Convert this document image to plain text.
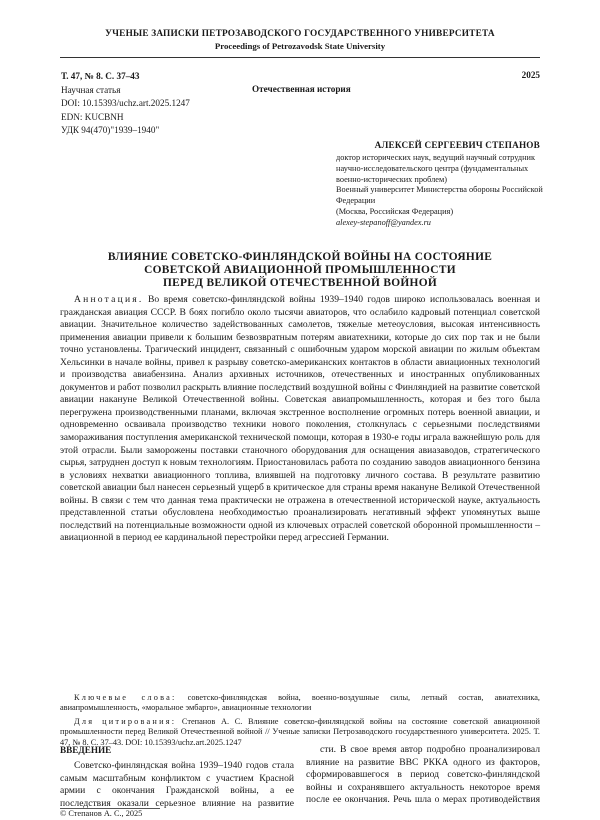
УЧЕНЫЕ ЗАПИСКИ ПЕТРОЗАВОДСКОГО ГОСУДАРСТВЕННОГО УНИВЕРСИТЕТА
Proceedings of Petrozavodsk State University
Т. 47, № 8. С. 37–43
Научная статья
DOI: 10.15393/uchz.art.2025.1247
EDN: KUCBNH
УДК 94(470)"1939–1940"
2025
Отечественная история
АЛЕКСЕЙ СЕРГЕЕВИЧ СТЕПАНОВ
доктор исторических наук, ведущий научный сотрудник научно-исследовательского центра (фундаментальных военно-исторических проблем)
Военный университет Министерства обороны Российской Федерации
(Москва, Российская Федерация)
alexey-stepanoff@yandex.ru
ВЛИЯНИЕ СОВЕТСКО-ФИНЛЯНДСКОЙ ВОЙНЫ НА СОСТОЯНИЕ
СОВЕТСКОЙ АВИАЦИОННОЙ ПРОМЫШЛЕННОСТИ
ПЕРЕД ВЕЛИКОЙ ОТЕЧЕСТВЕННОЙ ВОЙНОЙ

Аннотация. Во время советско-финляндской войны 1939–1940 годов широко использовалась военная и гражданская авиация СССР. В боях погибло около тысячи авиаторов, что ослабило кадровый потенциал советской авиации. Значительное количество задействованных самолетов, тяжелые метеоусловия, высокая интенсивность применения авиации привели к большим безвозвратным потерям авиатехники, которые до сих пор так и не были точно установлены. Трагический инцидент, связанный с ошибочным ударом морской авиации по жилым объектам Хельсинки в начале войны, привел к разрыву советско-американских контактов в области авиационных технологий и производства авиабензина. Анализ архивных источников, отечественных и иностранных опубликованных документов и работ позволил раскрыть влияние последствий воздушной войны с Финляндией на развитие советской авиации накануне Великой Отечественной войны. Советская авиапромышленность, которая и без того была перегружена производственными планами, включая экстренное восполнение огромных потерь военной авиации, и одновременно осваивала производство техники нового поколения, столкнулась с серьезными последствиями замораживания поступления американской технической помощи, которая в 1930-е годы играла важнейшую роль для этой отрасли. Были заморожены поставки станочного оборудования для оснащения авиазаводов, стратегического сырья, затруднен доступ к новым технологиям. Приостановилась работа по созданию заводов авиационного бензина в условиях нехватки авиационного топлива, влиявшей на подготовку личного состава. В результате развитию советской авиации был нанесен серьезный ущерб в критическое для страны время накануне Великой Отечественной войны. В связи с тем что данная тема практически не отражена в отечественной исторической науке, актуальность представленной статьи обусловлена необходимостью проанализировать негативный эффект упомянутых выше последствий на потенциальные возможности одной из ключевых отраслей советской оборонной промышленности – авиационной в период ее кардинальной перестройки перед агрессией Германии.

Ключевые слова: советско-финляндская война, военно-воздушные силы, летный состав, авиатехника, авиапромышленность, «моральное эмбарго», авиационные технологии

Для цитирования: Степанов А. С. Влияние советско-финляндской войны на состояние советской авиационной промышленности перед Великой Отечественной войной // Ученые записки Петрозаводского государственного университета. 2025. Т. 47, № 8. С. 37–43. DOI: 10.15393/uchz.art.2025.1247

ВВЕДЕНИЕ

Советско-финляндская война 1939–1940 годов стала самым масштабным конфликтом с участием Красной армии с окончания Гражданской войны, а ее последствия оказали серьезное влияние на развитие

сти. В свое время автор подробно проанализировал влияние на развитие ВВС РККА одного из факторов, сформировавшегося в период советско-финляндской войны и сохранявшего актуальность некоторое время после ее окончания. Речь шла о мерах противодействия

© Степанов А. С., 2025
